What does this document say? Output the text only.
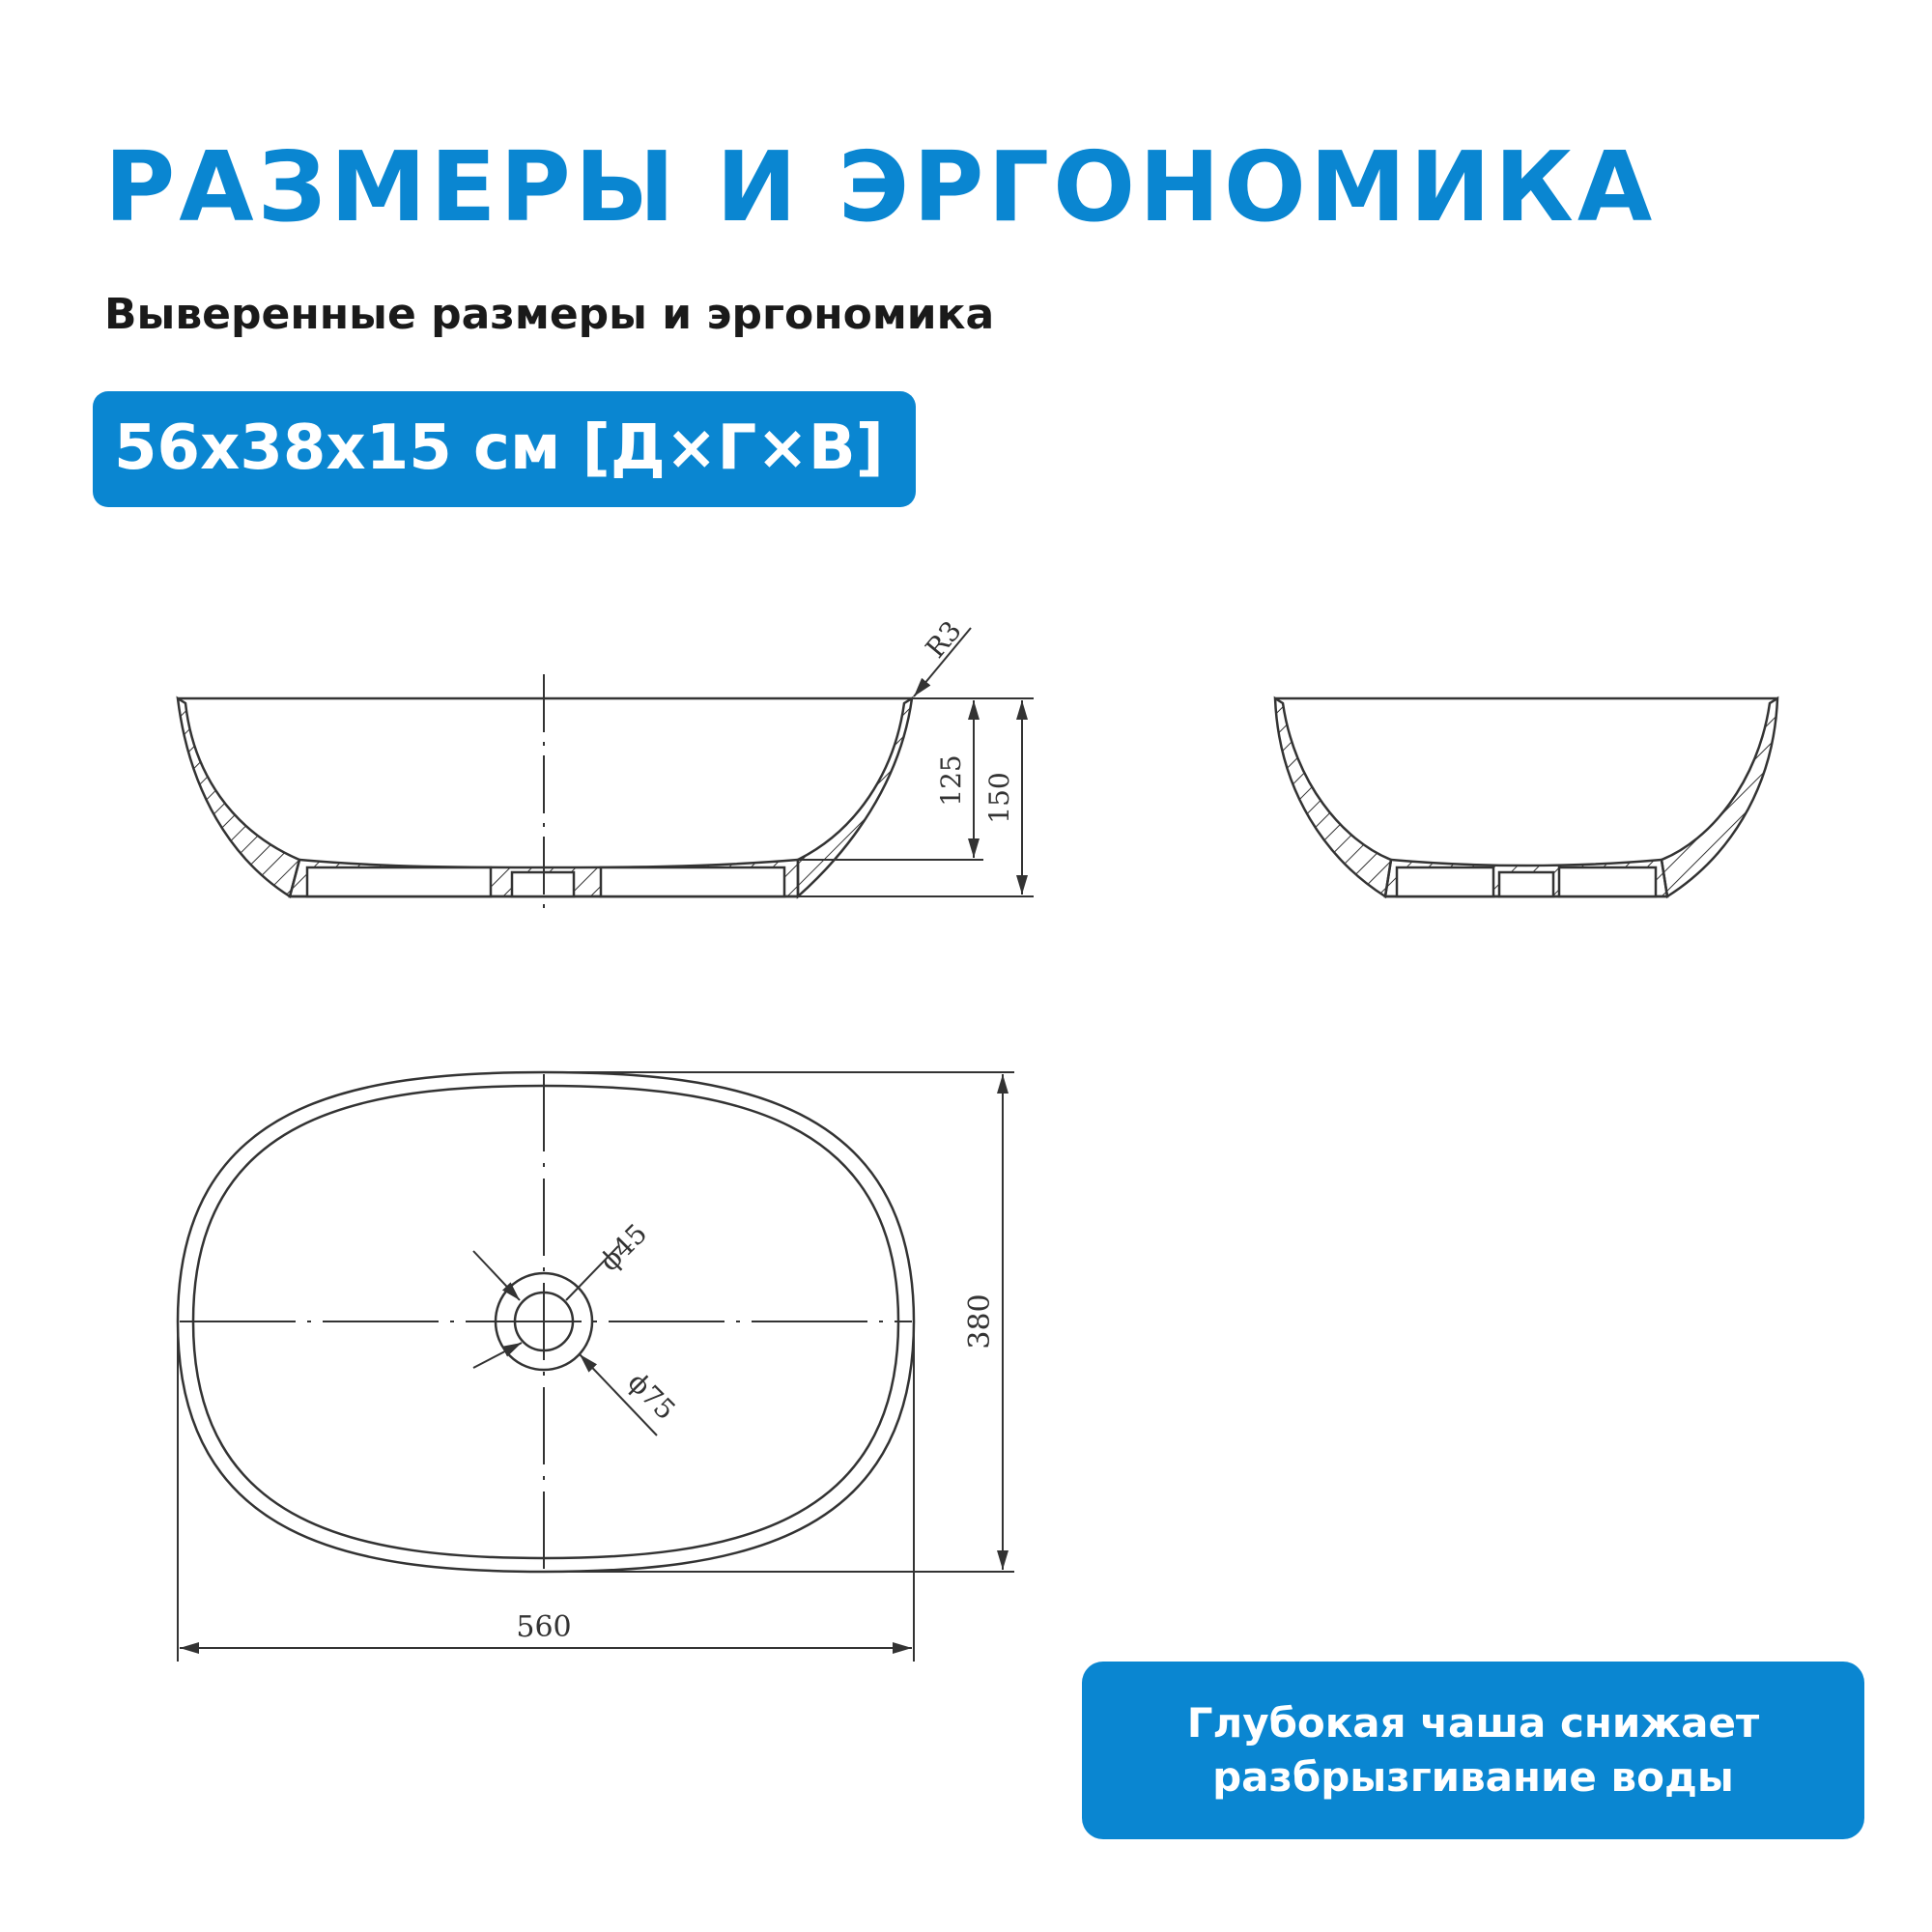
РАЗМЕРЫ И ЭРГОНОМИКА
Выверенные размеры и эргономика
56х38х15 см [Д×Г×В]
125 150
R3
380
560
ϕ45
ϕ75
Глубокая чаша снижает
разбрызгивание воды
